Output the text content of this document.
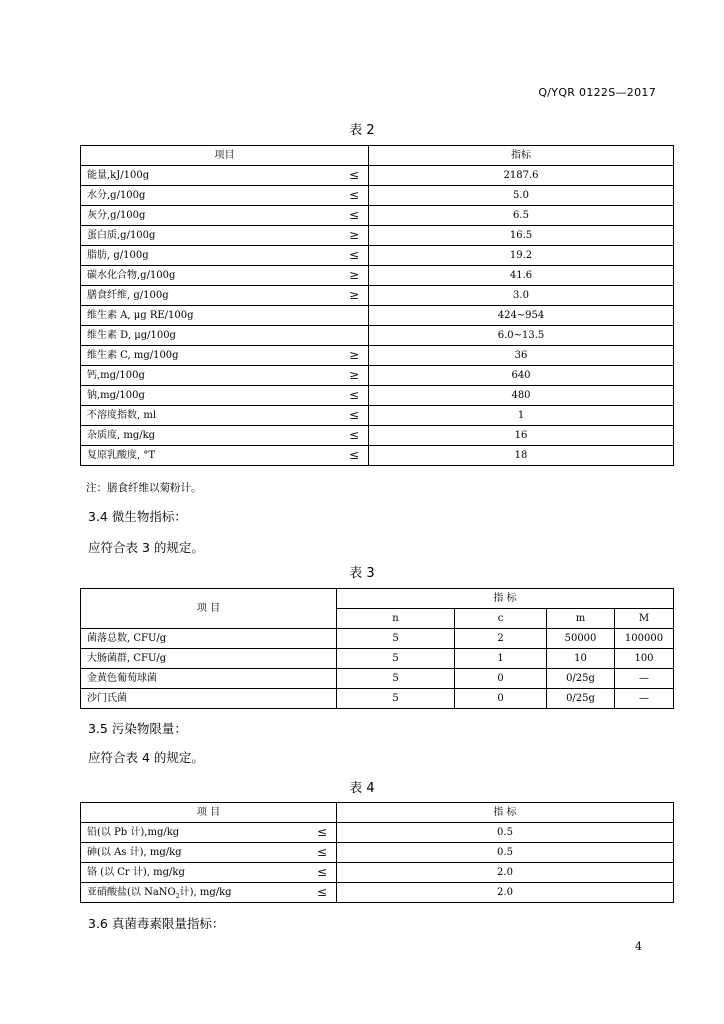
Q/YQR 0122S—2017
表 2
项目	指标
能量,kJ/100g ≤	2187.6
水分,g/100g ≤	5.0
灰分,g/100g ≤	6.5
蛋白质,g/100g ≥	16.5
脂肪, g/100g ≤	19.2
碳水化合物,g/100g ≥	41.6
膳食纤维, g/100g ≥	3.0
维生素 A, μg RE/100g	424~954
维生素 D, μg/100g	6.0~13.5
维生素 C, mg/100g ≥	36
钙,mg/100g ≥	640
钠,mg/100g ≤	480
不溶度指数, ml ≤	1
杂质度, mg/kg ≤	16
复原乳酸度, °T ≤	18
注：膳食纤维以菊粉计。
3.4 微生物指标：
应符合表 3 的规定。
表 3
项 目	指 标			
	n	c	m	M
菌落总数, CFU/g	5	2	50000	100000
大肠菌群, CFU/g	5	1	10	100
金黄色葡萄球菌	5	0	0/25g	—
沙门氏菌	5	0	0/25g	—
3.5 污染物限量：
应符合表 4 的规定。
表 4
项 目	指 标
铅(以 Pb 计),mg/kg ≤	0.5
砷(以 As 计), mg/kg ≤	0.5
铬 (以 Cr 计), mg/kg ≤	2.0
亚硝酸盐(以 NaNO$_2$计), mg/kg ≤	2.0
3.6 真菌毒素限量指标：
4
